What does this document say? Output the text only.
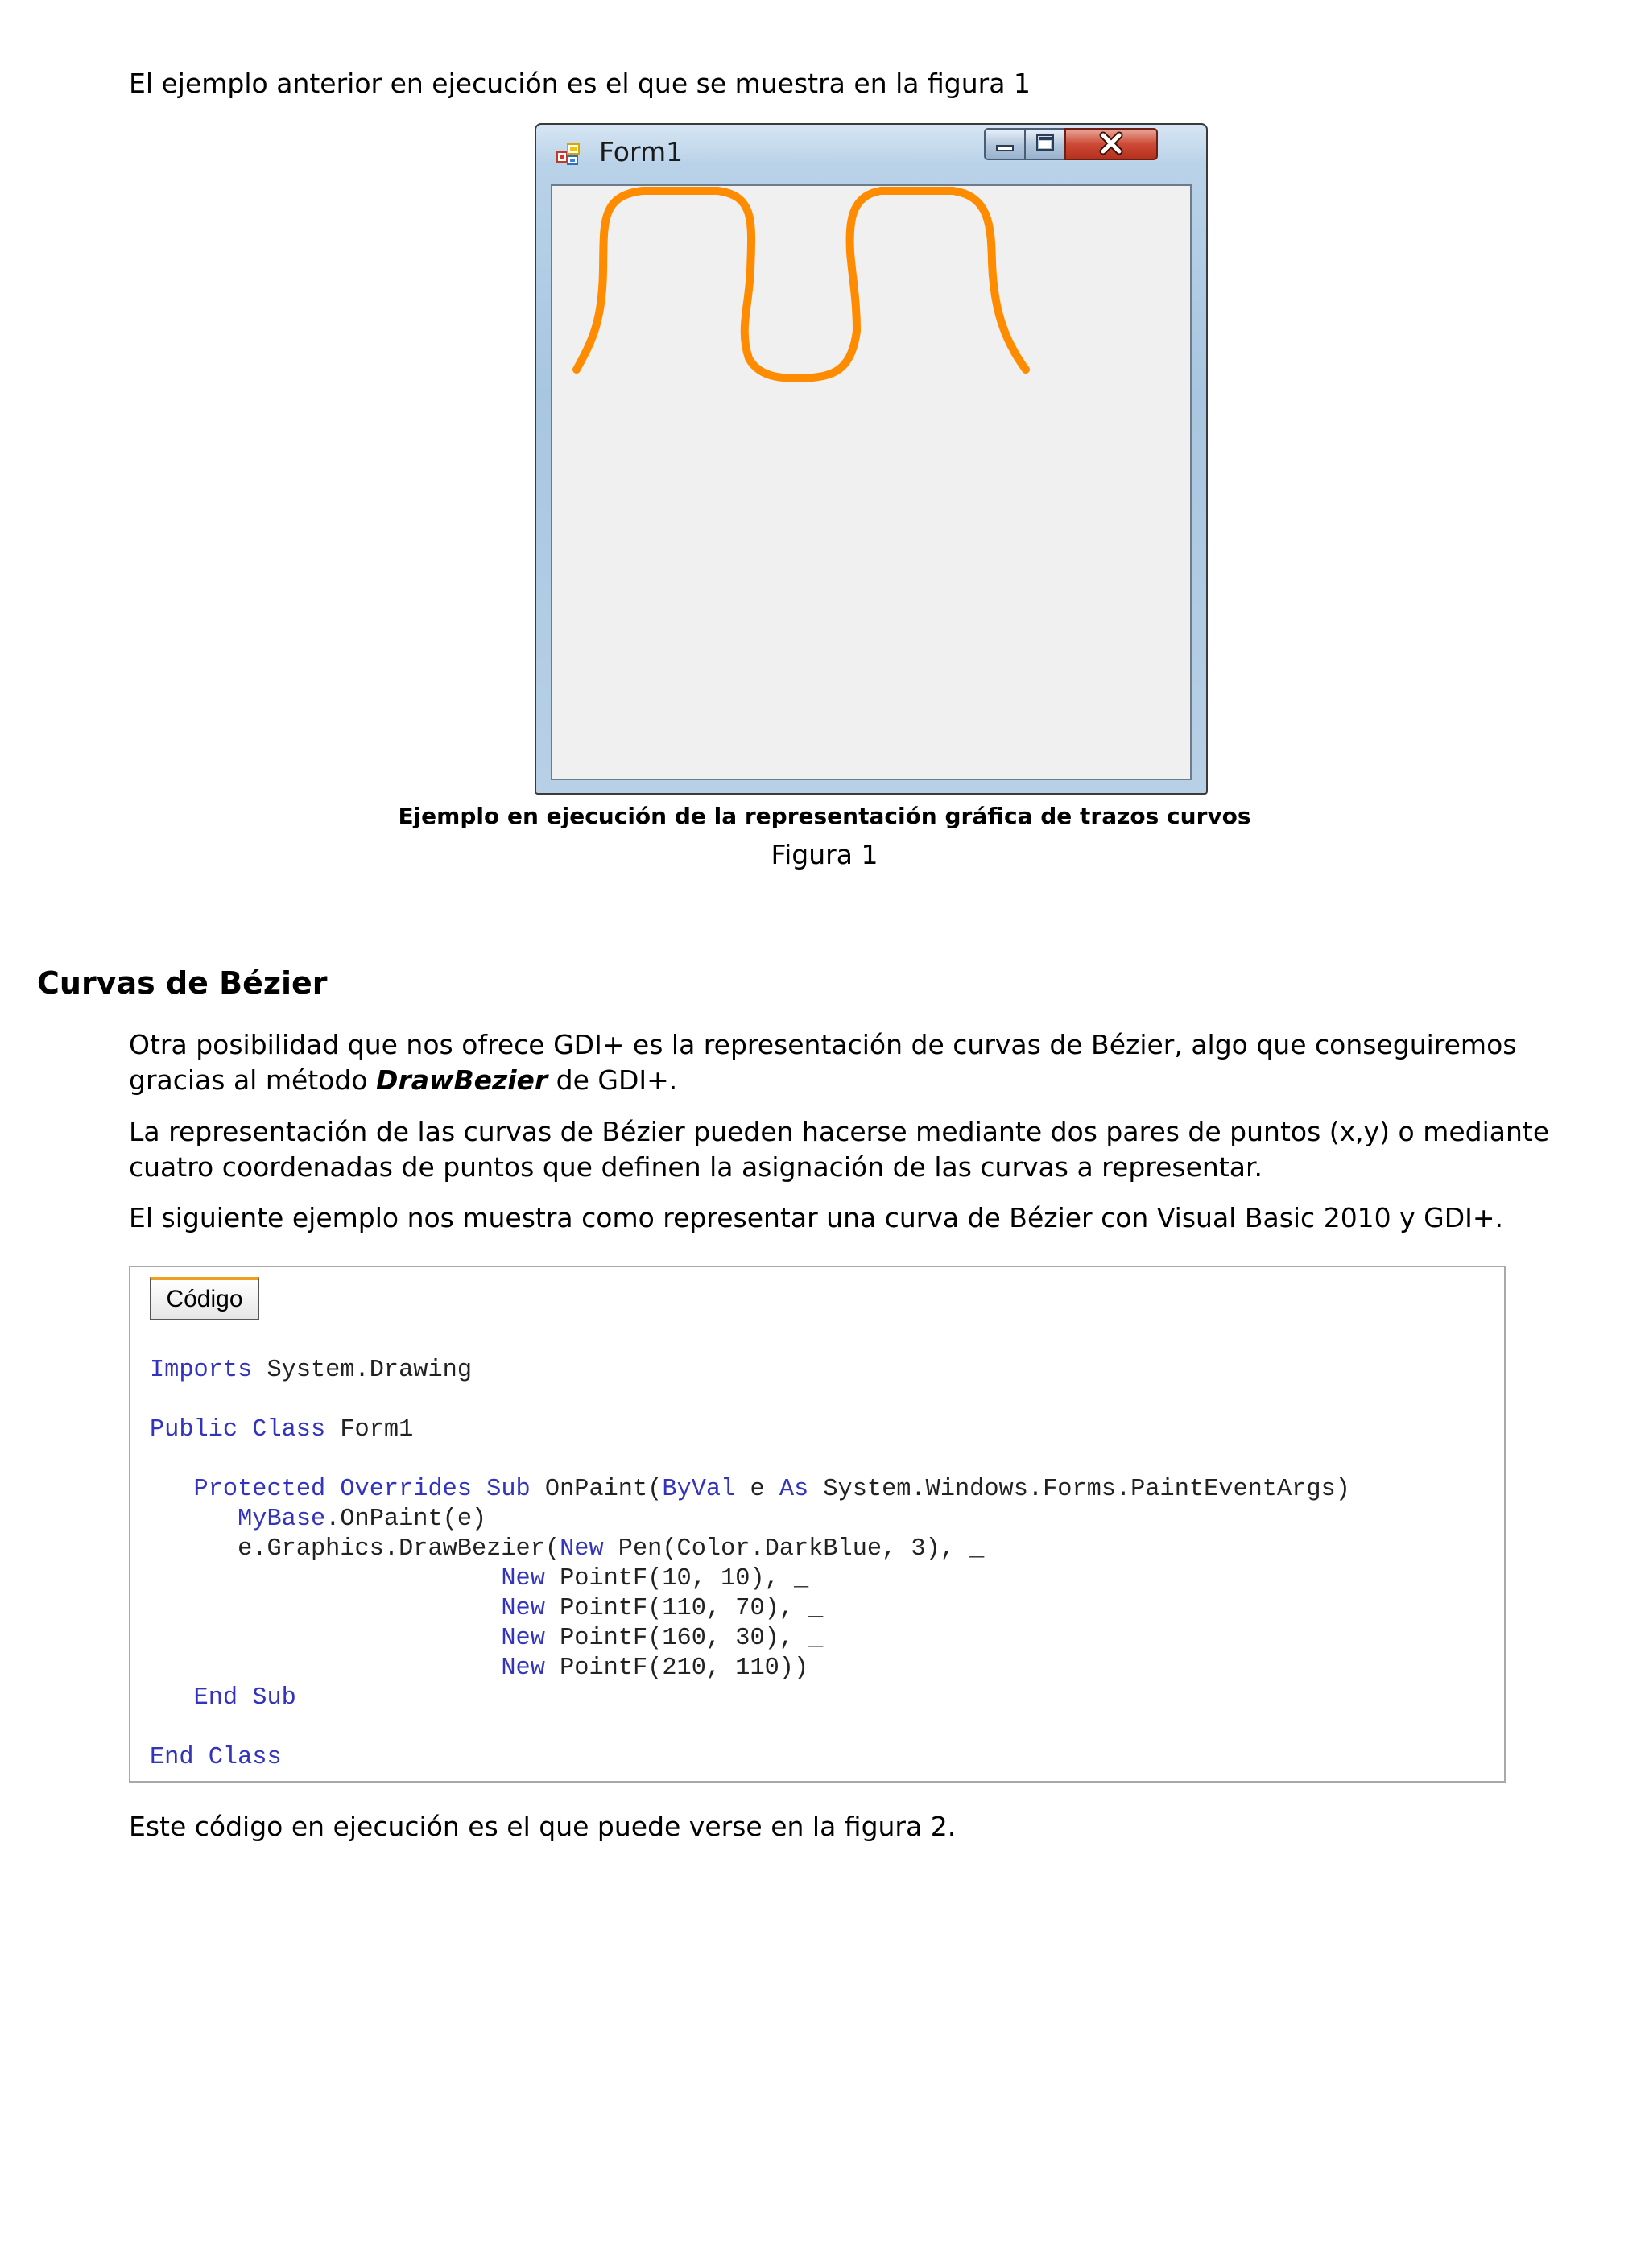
El ejemplo anterior en ejecución es el que se muestra en la figura 1
Form1
Ejemplo en ejecución de la representación gráfica de trazos curvos
Figura 1
Curvas de Bézier
Otra posibilidad que nos ofrece GDI+ es la representación de curvas de Bézier, algo que conseguiremos
gracias al método DrawBezier de GDI+.
La representación de las curvas de Bézier pueden hacerse mediante dos pares de puntos (x,y) o mediante
cuatro coordenadas de puntos que definen la asignación de las curvas a representar.
El siguiente ejemplo nos muestra como representar una curva de Bézier con Visual Basic 2010 y GDI+.
Código
Imports System.Drawing
Public Class Form1
Protected Overrides Sub OnPaint(ByVal e As System.Windows.Forms.PaintEventArgs)
MyBase.OnPaint(e)
e.Graphics.DrawBezier(New Pen(Color.DarkBlue, 3), _
New PointF(10, 10), _
New PointF(110, 70), _
New PointF(160, 30), _
New PointF(210, 110))
End Sub
End Class
Este código en ejecución es el que puede verse en la figura 2.
